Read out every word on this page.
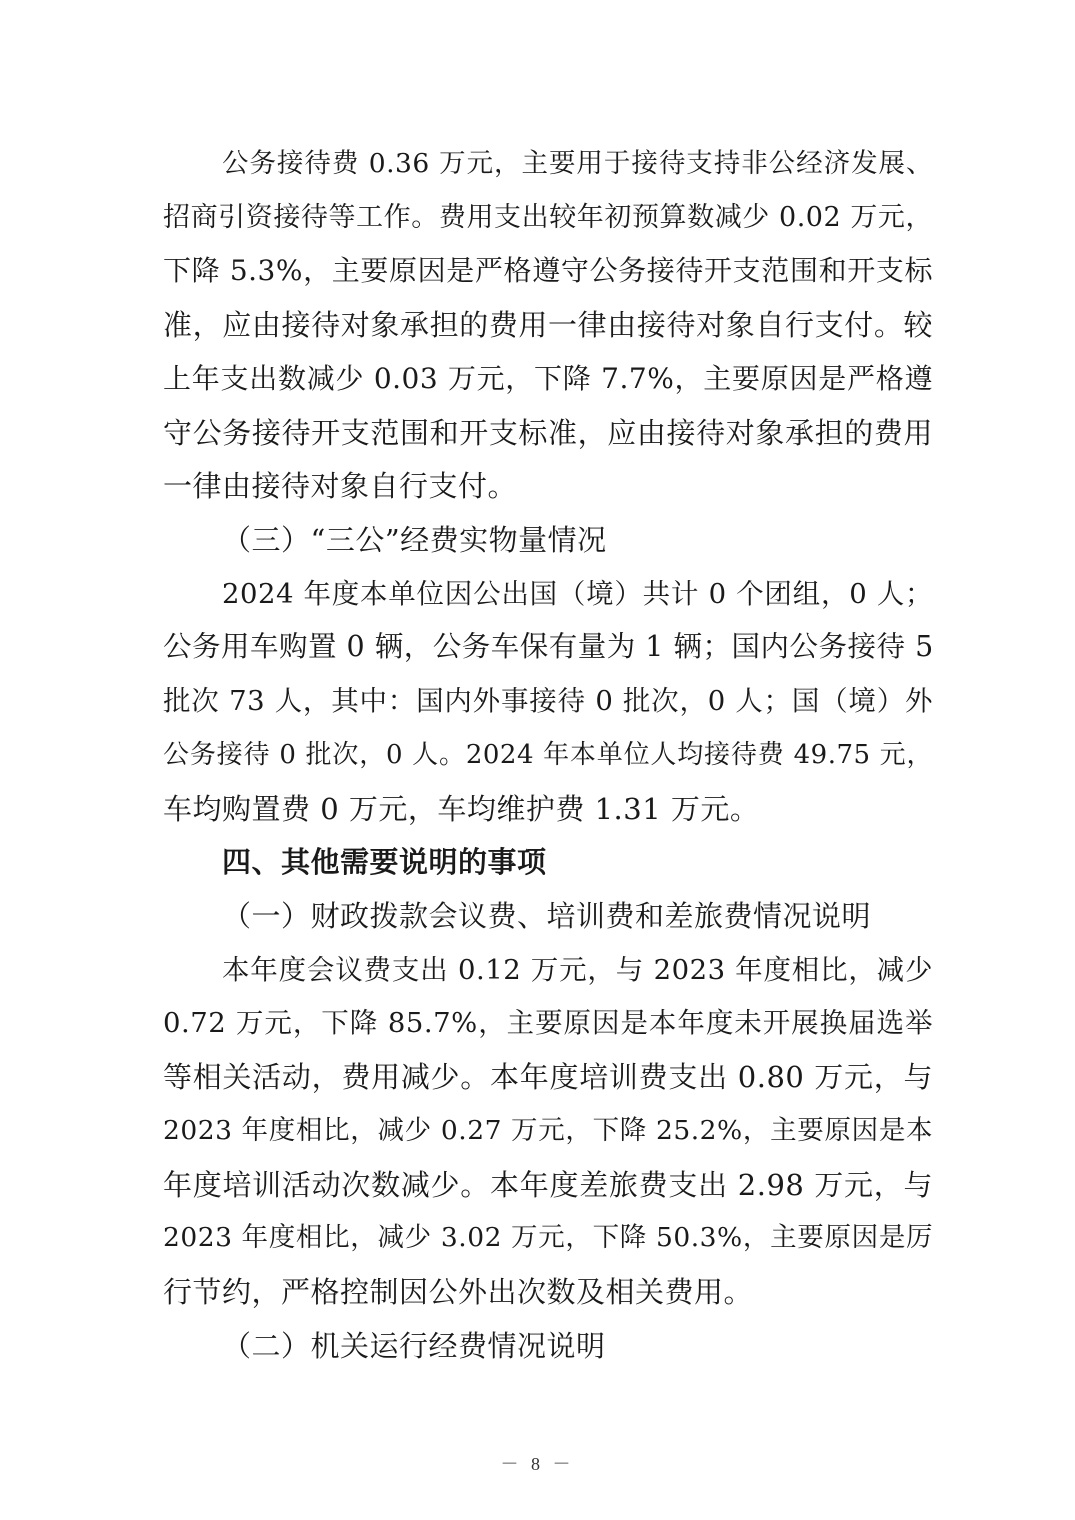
公务接待费 0.36 万元，主要用于接待支持非公经济发展、
招商引资接待等工作。费用支出较年初预算数减少 0.02 万元，
下降 5.3%，主要原因是严格遵守公务接待开支范围和开支标
准，应由接待对象承担的费用一律由接待对象自行支付。较
上年支出数减少 0.03 万元，下降 7.7%，主要原因是严格遵
守公务接待开支范围和开支标准，应由接待对象承担的费用
一律由接待对象自行支付。
（三）“三公”经费实物量情况
2024 年度本单位因公出国（境）共计 0 个团组，0 人；
公务用车购置 0 辆，公务车保有量为 1 辆；国内公务接待 5
批次 73 人，其中：国内外事接待 0 批次，0 人；国（境）外
公务接待 0 批次，0 人。2024 年本单位人均接待费 49.75 元，
车均购置费 0 万元，车均维护费 1.31 万元。
四、其他需要说明的事项
（一）财政拨款会议费、培训费和差旅费情况说明
本年度会议费支出 0.12 万元，与 2023 年度相比，减少
0.72 万元，下降 85.7%，主要原因是本年度未开展换届选举
等相关活动，费用减少。本年度培训费支出 0.80 万元，与
2023 年度相比，减少 0.27 万元，下降 25.2%，主要原因是本
年度培训活动次数减少。本年度差旅费支出 2.98 万元，与
2023 年度相比，减少 3.02 万元，下降 50.3%，主要原因是厉
行节约，严格控制因公外出次数及相关费用。
（二）机关运行经费情况说明
－ 8 －
